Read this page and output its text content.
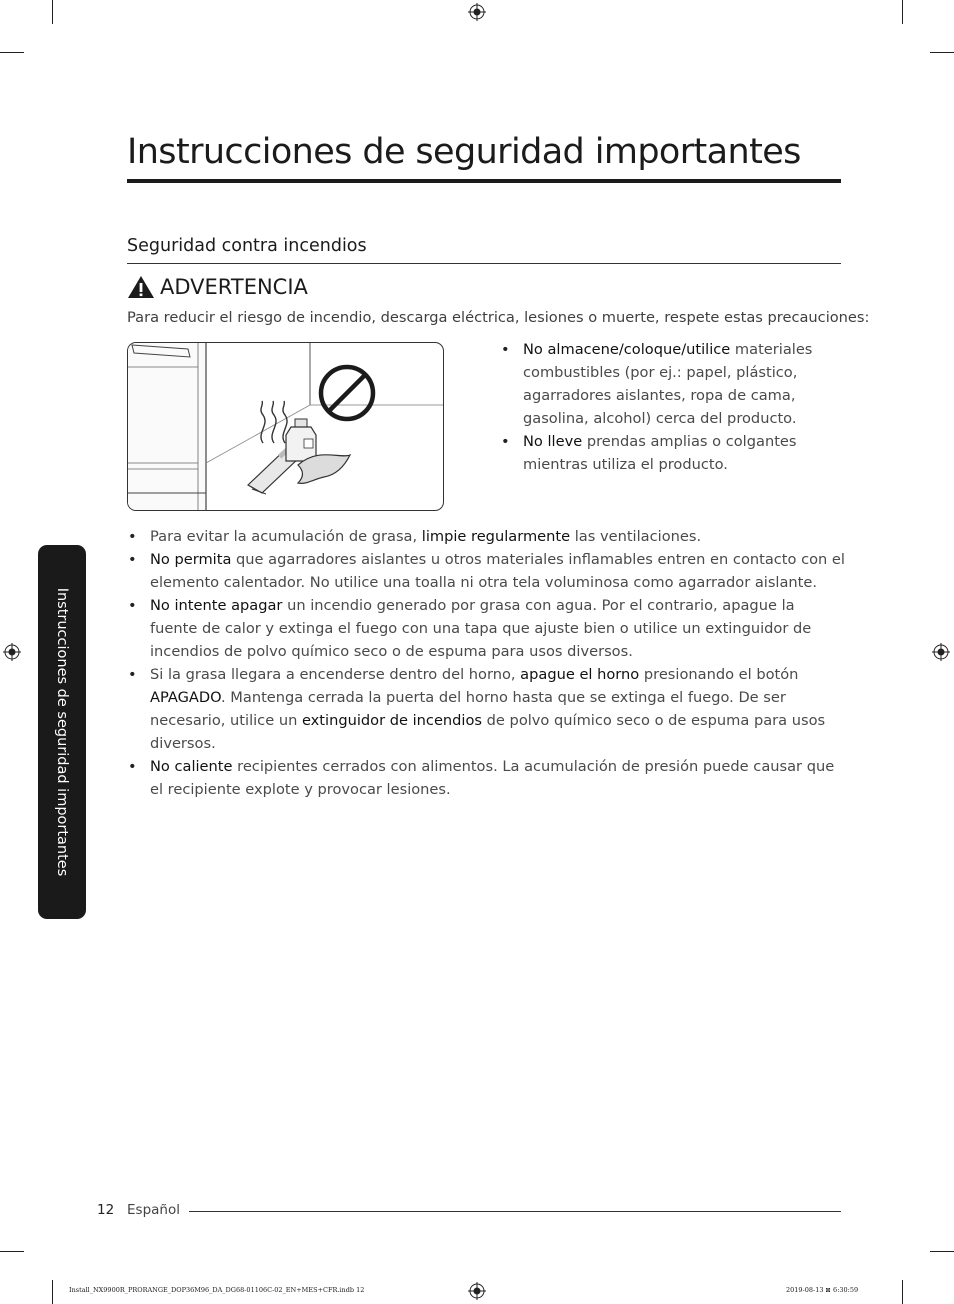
Instrucciones de seguridad importantes
Seguridad contra incendios
ADVERTENCIA

Para reducir el riesgo de incendio, descarga eléctrica, lesiones o muerte, respete estas precauciones:

• No almacene/coloque/utilice materiales combustibles (por ej.: papel, plástico, agarradores aislantes, ropa de cama, gasolina, alcohol) cerca del producto.
• No lleve prendas amplias o colgantes mientras utiliza el producto.
• Para evitar la acumulación de grasa, limpie regularmente las ventilaciones.
• No permita que agarradores aislantes u otros materiales inflamables entren en contacto con el elemento calentador. No utilice una toalla ni otra tela voluminosa como agarrador aislante.
• No intente apagar un incendio generado por grasa con agua. Por el contrario, apague la fuente de calor y extinga el fuego con una tapa que ajuste bien o utilice un extinguidor de incendios de polvo químico seco o de espuma para usos diversos.
• Si la grasa llegara a encenderse dentro del horno, apague el horno presionando el botón APAGADO. Mantenga cerrada la puerta del horno hasta que se extinga el fuego. De ser necesario, utilice un extinguidor de incendios de polvo químico seco o de espuma para usos diversos.
• No caliente recipientes cerrados con alimentos. La acumulación de presión puede causar que el recipiente explote y provocar lesiones.
Instrucciones de seguridad importantes
12 Español
Install_NX9900R_PRORANGE_DOP36M96_DA_DG68-01106C-02_EN+MES+CFR.indb 12	2019-08-13 ⊠ 6:30:59
